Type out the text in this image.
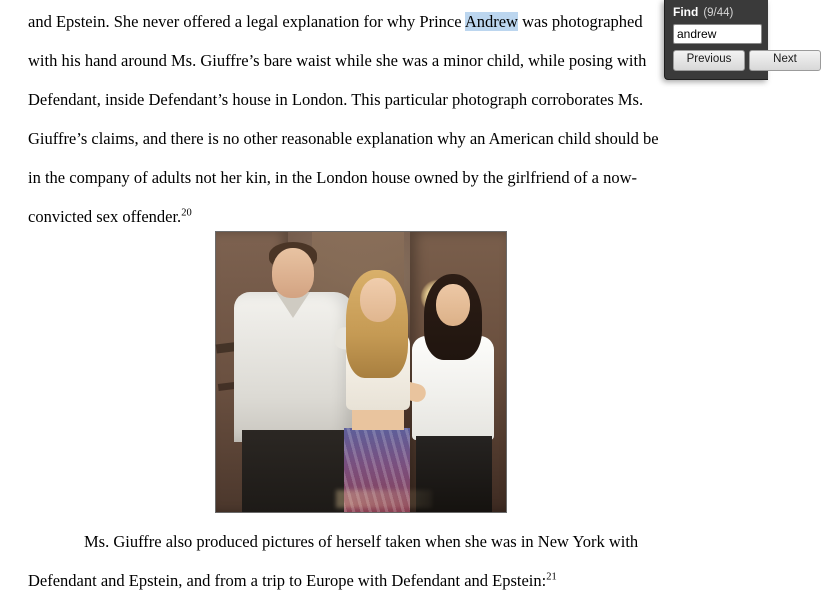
and Epstein. She never offered a legal explanation for why Prince Andrew was photographed
with his hand around Ms. Giuffre’s bare waist while she was a minor child, while posing with
Defendant, inside Defendant’s house in London. This particular photograph corroborates Ms.
Giuffre’s claims, and there is no other reasonable explanation why an American child should be
in the company of adults not her kin, in the London house owned by the girlfriend of a now-
convicted sex offender.$^{20}$

Ms. Giuffre also produced pictures of herself taken when she was in New York with
Defendant and Epstein, and from a trip to Europe with Defendant and Epstein:$^{21}$

Find (9/44)
andrew
Previous	Next
